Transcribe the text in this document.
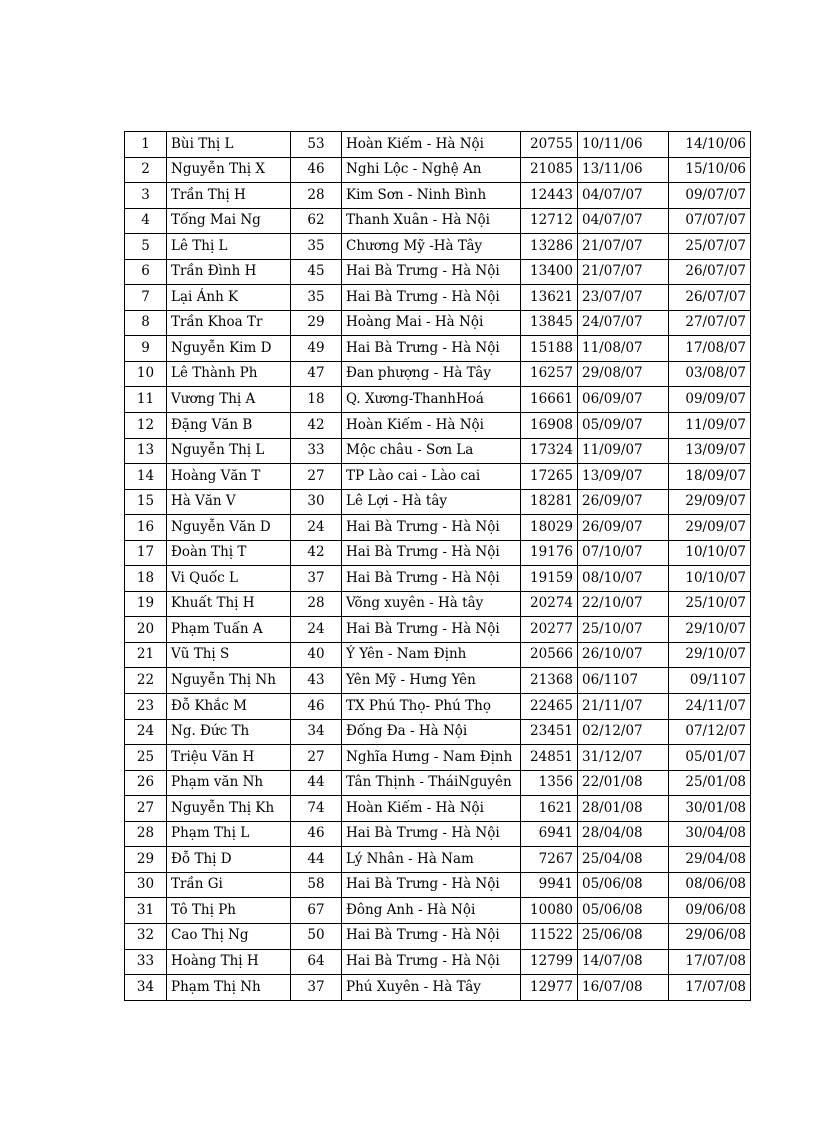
1	Bùi Thị L	53	Hoàn Kiếm - Hà Nội	20755	10/11/06	14/10/06
2	Nguyễn Thị X	46	Nghi Lộc - Nghệ An	21085	13/11/06	15/10/06
3	Trần Thị H	28	Kim Sơn - Ninh Bình	12443	04/07/07	09/07/07
4	Tống Mai Ng	62	Thanh Xuân - Hà Nội	12712	04/07/07	07/07/07
5	Lê Thị L	35	Chương Mỹ -Hà Tây	13286	21/07/07	25/07/07
6	Trần Đình H	45	Hai Bà Trưng - Hà Nội	13400	21/07/07	26/07/07
7	Lại Ánh K	35	Hai Bà Trưng - Hà Nội	13621	23/07/07	26/07/07
8	Trần Khoa Tr	29	Hoàng Mai - Hà Nội	13845	24/07/07	27/07/07
9	Nguyễn Kim D	49	Hai Bà Trưng - Hà Nội	15188	11/08/07	17/08/07
10	Lê Thành Ph	47	Đan phượng - Hà Tây	16257	29/08/07	03/08/07
11	Vương Thị A	18	Q. Xương-ThanhHoá	16661	06/09/07	09/09/07
12	Đặng Văn B	42	Hoàn Kiếm - Hà Nội	16908	05/09/07	11/09/07
13	Nguyễn Thị L	33	Mộc châu - Sơn La	17324	11/09/07	13/09/07
14	Hoàng Văn T	27	TP Lào cai - Lào cai	17265	13/09/07	18/09/07
15	Hà Văn V	30	Lê Lợi - Hà tây	18281	26/09/07	29/09/07
16	Nguyễn Văn D	24	Hai Bà Trưng - Hà Nội	18029	26/09/07	29/09/07
17	Đoàn Thị T	42	Hai Bà Trưng - Hà Nội	19176	07/10/07	10/10/07
18	Vi Quốc L	37	Hai Bà Trưng - Hà Nội	19159	08/10/07	10/10/07
19	Khuất Thị H	28	Võng xuyên - Hà tây	20274	22/10/07	25/10/07
20	Phạm Tuấn A	24	Hai Bà Trưng - Hà Nội	20277	25/10/07	29/10/07
21	Vũ Thị S	40	Ý Yên - Nam Định	20566	26/10/07	29/10/07
22	Nguyễn Thị Nh	43	Yên Mỹ - Hưng Yên	21368	06/1107	09/1107
23	Đỗ Khắc M	46	TX Phú Thọ- Phú Thọ	22465	21/11/07	24/11/07
24	Ng. Đức Th	34	Đống Đa - Hà Nội	23451	02/12/07	07/12/07
25	Triệu Văn H	27	Nghĩa Hưng - Nam Định	24851	31/12/07	05/01/07
26	Phạm văn Nh	44	Tân Thịnh - TháiNguyên	1356	22/01/08	25/01/08
27	Nguyễn Thị Kh	74	Hoàn Kiếm - Hà Nội	1621	28/01/08	30/01/08
28	Phạm Thị L	46	Hai Bà Trưng - Hà Nội	6941	28/04/08	30/04/08
29	Đỗ Thị D	44	Lý Nhân - Hà Nam	7267	25/04/08	29/04/08
30	Trần Gi	58	Hai Bà Trưng - Hà Nội	9941	05/06/08	08/06/08
31	Tô Thị Ph	67	Đông Anh - Hà Nội	10080	05/06/08	09/06/08
32	Cao Thị Ng	50	Hai Bà Trưng - Hà Nội	11522	25/06/08	29/06/08
33	Hoàng Thị H	64	Hai Bà Trưng - Hà Nội	12799	14/07/08	17/07/08
34	Phạm Thị Nh	37	Phú Xuyên - Hà Tây	12977	16/07/08	17/07/08
